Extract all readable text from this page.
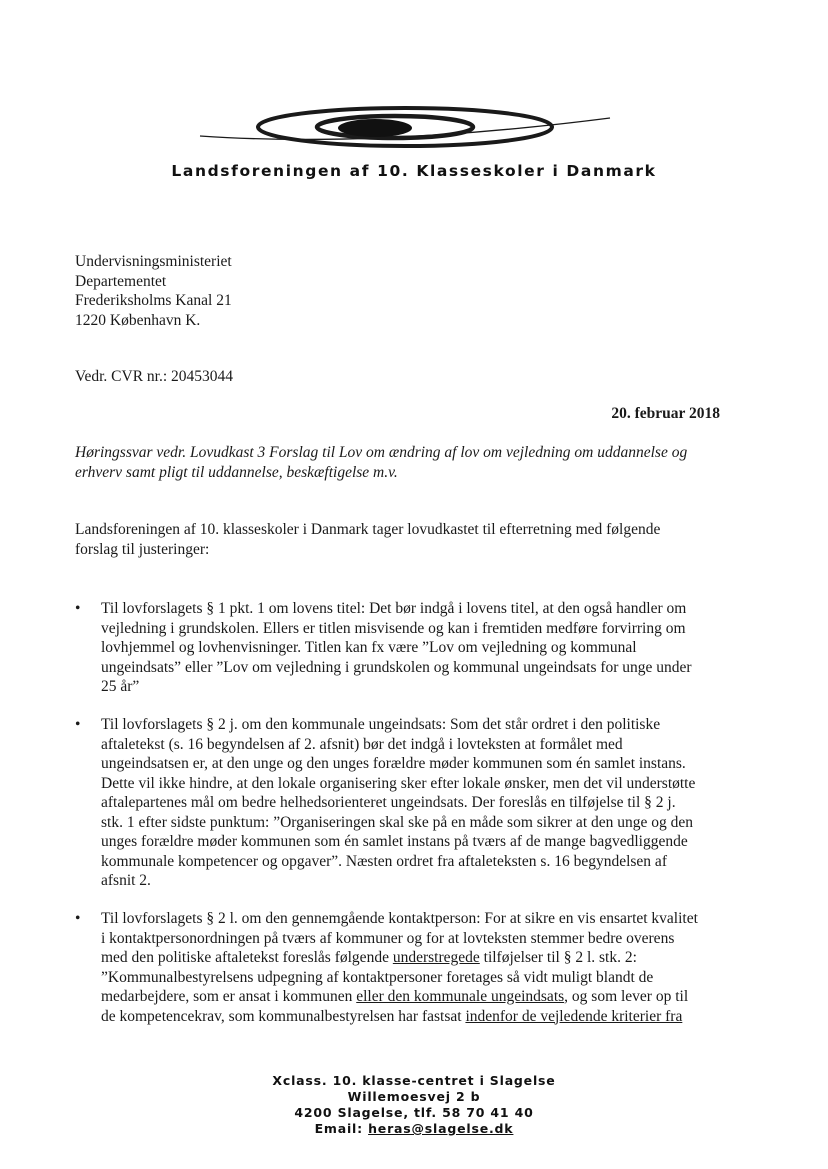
Landsforeningen af 10. Klasseskoler i Danmark
Undervisningsministeriet
Departementet
Frederiksholms Kanal 21
1220 København K.
Vedr. CVR nr.: 20453044
20. februar 2018
Høringssvar vedr. Lovudkast 3 Forslag til Lov om ændring af lov om vejledning om uddannelse og
erhverv samt pligt til uddannelse, beskæftigelse m.v.
Landsforeningen af 10. klasseskoler i Danmark tager lovudkastet til efterretning med følgende
forslag til justeringer:
•	Til lovforslagets § 1 pkt. 1 om lovens titel: Det bør indgå i lovens titel, at den også handler om
vejledning i grundskolen. Ellers er titlen misvisende og kan i fremtiden medføre forvirring om
lovhjemmel og lovhenvisninger. Titlen kan fx være ”Lov om vejledning og kommunal
ungeindsats” eller ”Lov om vejledning i grundskolen og kommunal ungeindsats for unge under
25 år”
•	Til lovforslagets § 2 j. om den kommunale ungeindsats: Som det står ordret i den politiske
aftaletekst (s. 16 begyndelsen af 2. afsnit) bør det indgå i lovteksten at formålet med
ungeindsatsen er, at den unge og den unges forældre møder kommunen som én samlet instans.
Dette vil ikke hindre, at den lokale organisering sker efter lokale ønsker, men det vil understøtte
aftalepartenes mål om bedre helhedsorienteret ungeindsats. Der foreslås en tilføjelse til § 2 j.
stk. 1 efter sidste punktum: ”Organiseringen skal ske på en måde som sikrer at den unge og den
unges forældre møder kommunen som én samlet instans på tværs af de mange bagvedliggende
kommunale kompetencer og opgaver”. Næsten ordret fra aftaleteksten s. 16 begyndelsen af
afsnit 2.
•	Til lovforslagets § 2 l. om den gennemgående kontaktperson: For at sikre en vis ensartet kvalitet
i kontaktpersonordningen på tværs af kommuner og for at lovteksten stemmer bedre overens
med den politiske aftaletekst foreslås følgende understregede tilføjelser til § 2 l. stk. 2:
”Kommunalbestyrelsens udpegning af kontaktpersoner foretages så vidt muligt blandt de
medarbejdere, som er ansat i kommunen eller den kommunale ungeindsats, og som lever op til
de kompetencekrav, som kommunalbestyrelsen har fastsat indenfor de vejledende kriterier fra
Xclass. 10. klasse-centret i Slagelse
Willemoesvej 2 b
4200 Slagelse, tlf. 58 70 41 40
Email: heras@slagelse.dk
